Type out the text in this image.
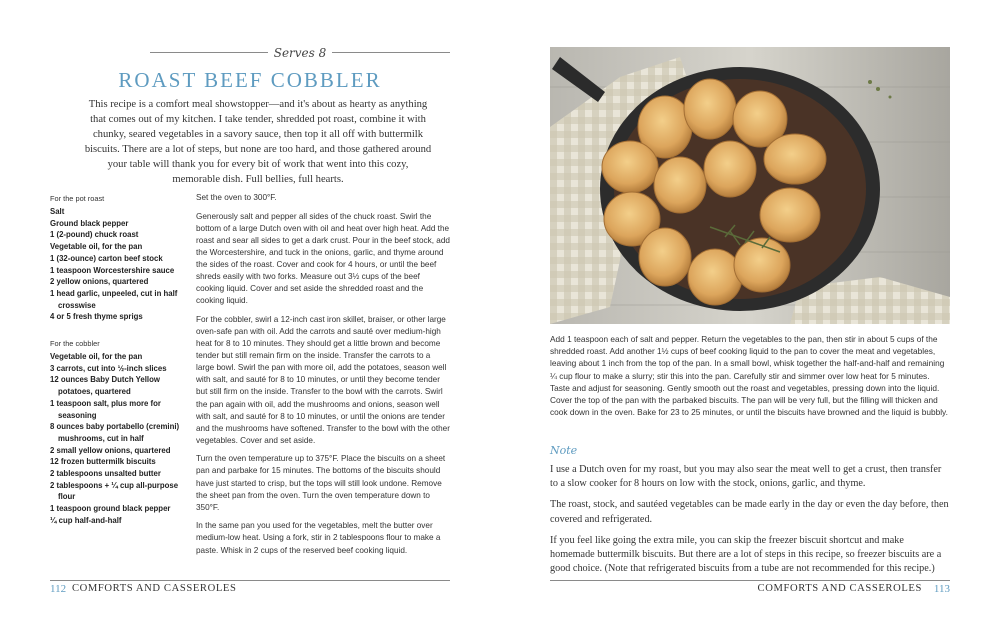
Serves 8
ROAST BEEF COBBLER
This recipe is a comfort meal showstopper—and it's about as hearty as anything that comes out of my kitchen. I take tender, shredded pot roast, combine it with chunky, seared vegetables in a savory sauce, then top it all off with buttermilk biscuits. There are a lot of steps, but none are too hard, and those gathered around your table will thank you for every bit of work that went into this cozy, memorable dish. Full bellies, full hearts.
For the pot roast
Salt
Ground black pepper
1 (2-pound) chuck roast
Vegetable oil, for the pan
1 (32-ounce) carton beef stock
1 teaspoon Worcestershire sauce
2 yellow onions, quartered
1 head garlic, unpeeled, cut in half crosswise
4 or 5 fresh thyme sprigs
For the cobbler
Vegetable oil, for the pan
3 carrots, cut into ½-inch slices
12 ounces Baby Dutch Yellow potatoes, quartered
1 teaspoon salt, plus more for seasoning
8 ounces baby portabello (cremini) mushrooms, cut in half
2 small yellow onions, quartered
12 frozen buttermilk biscuits
2 tablespoons unsalted butter
2 tablespoons + ¼ cup all-purpose flour
1 teaspoon ground black pepper
¼ cup half-and-half

Set the oven to 300°F.

Generously salt and pepper all sides of the chuck roast. Swirl the bottom of a large Dutch oven with oil and heat over high heat. Add the roast and sear all sides to get a dark crust. Pour in the beef stock, add the Worcestershire, and tuck in the onions, garlic, and thyme around the sides of the roast. Cover and cook for 4 hours, or until the beef shreds easily with two forks. Measure out 3½ cups of the beef cooking liquid. Cover and set aside the shredded roast and the cooking liquid.

For the cobbler, swirl a 12-inch cast iron skillet, braiser, or other large oven-safe pan with oil. Add the carrots and sauté over medium-high heat for 8 to 10 minutes. They should get a little brown and become tender but still remain firm on the inside. Transfer the carrots to a large bowl. Swirl the pan with more oil, add the potatoes, season well with salt, and sauté for 8 to 10 minutes, or until they become tender but still firm on the inside. Transfer to the bowl with the carrots. Swirl the pan again with oil, add the mushrooms and onions, season well with salt, and sauté for 8 to 10 minutes, or until the onions are tender and the mushrooms have softened. Transfer to the bowl with the other vegetables. Cover and set aside.

Turn the oven temperature up to 375°F. Place the biscuits on a sheet pan and parbake for 15 minutes. The bottoms of the biscuits should have just started to crisp, but the tops will still look undone. Remove the sheet pan from the oven. Turn the oven temperature down to 350°F.

In the same pan you used for the vegetables, melt the butter over medium-low heat. Using a fork, stir in 2 tablespoons flour to make a paste. Whisk in 2 cups of the reserved beef cooking liquid.

112 COMFORTS AND CASSEROLES
Add 1 teaspoon each of salt and pepper. Return the vegetables to the pan, then stir in about 5 cups of the shredded roast. Add another 1½ cups of beef cooking liquid to the pan to cover the meat and vegetables, leaving about 1 inch from the top of the pan. In a small bowl, whisk together the half-and-half and remaining ¼ cup flour to make a slurry; stir this into the pan. Carefully stir and simmer over low heat for 5 minutes. Taste and adjust for seasoning. Gently smooth out the roast and vegetables, pressing down into the liquid. Cover the top of the pan with the parbaked biscuits. The pan will be very full, but the filling will thicken and cook down in the oven. Bake for 23 to 25 minutes, or until the biscuits have browned and the liquid is bubbly.
Note

I use a Dutch oven for my roast, but you may also sear the meat well to get a crust, then transfer to a slow cooker for 8 hours on low with the stock, onions, garlic, and thyme.

The roast, stock, and sautéed vegetables can be made early in the day or even the day before, then covered and refrigerated.

If you feel like going the extra mile, you can skip the freezer biscuit shortcut and make homemade buttermilk biscuits. But there are a lot of steps in this recipe, so freezer biscuits are a good choice. (Note that refrigerated biscuits from a tube are not recommended for this recipe.)

COMFORTS AND CASSEROLES 113
